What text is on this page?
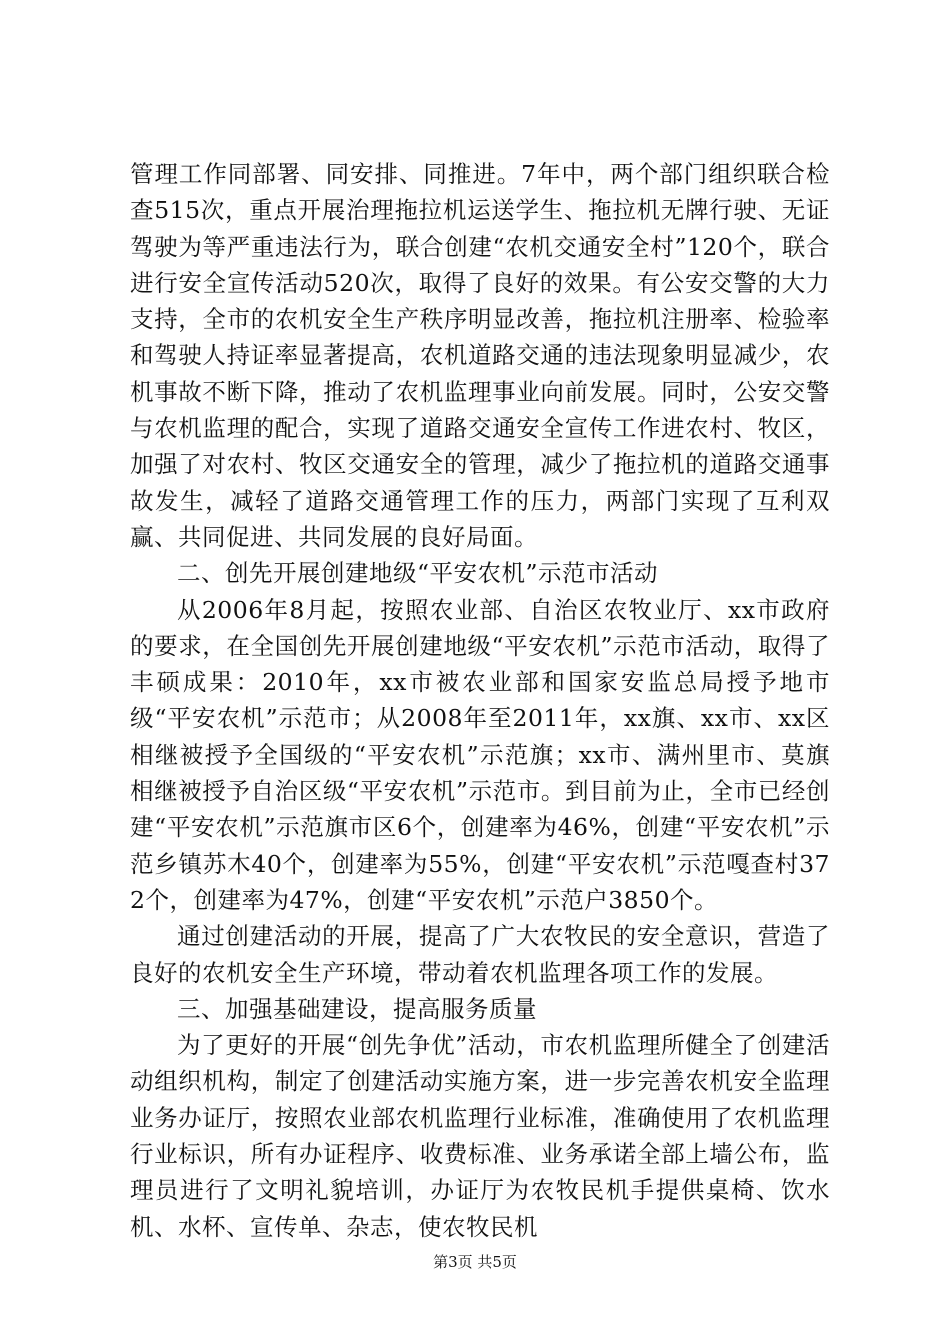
管理工作同部署、同安排、同推进。7年中，两个部门组织联合检查515次，重点开展治理拖拉机运送学生、拖拉机无牌行驶、无证驾驶为等严重违法行为，联合创建“农机交通安全村”120个，联合进行安全宣传活动520次，取得了良好的效果。有公安交警的大力支持，全市的农机安全生产秩序明显改善，拖拉机注册率、检验率和驾驶人持证率显著提高，农机道路交通的违法现象明显减少，农机事故不断下降，推动了农机监理事业向前发展。同时，公安交警与农机监理的配合，实现了道路交通安全宣传工作进农村、牧区，加强了对农村、牧区交通安全的管理，减少了拖拉机的道路交通事故发生，减轻了道路交通管理工作的压力，两部门实现了互利双赢、共同促进、共同发展的良好局面。

二、创先开展创建地级“平安农机”示范市活动

从2006年8月起，按照农业部、自治区农牧业厅、xx市政府的要求，在全国创先开展创建地级“平安农机”示范市活动，取得了丰硕成果：2010年，xx市被农业部和国家安监总局授予地市级“平安农机”示范市；从2008年至2011年，xx旗、xx市、xx区相继被授予全国级的“平安农机”示范旗；xx市、满州里市、莫旗相继被授予自治区级“平安农机”示范市。到目前为止，全市已经创建“平安农机”示范旗市区6个，创建率为46%，创建“平安农机”示范乡镇苏木40个，创建率为55%，创建“平安农机”示范嘎查村372个，创建率为47%，创建“平安农机”示范户3850个。

通过创建活动的开展，提高了广大农牧民的安全意识，营造了良好的农机安全生产环境，带动着农机监理各项工作的发展。

三、加强基础建设，提高服务质量

为了更好的开展“创先争优”活动，市农机监理所健全了创建活动组织机构，制定了创建活动实施方案，进一步完善农机安全监理业务办证厅，按照农业部农机监理行业标准，准确使用了农机监理行业标识，所有办证程序、收费标准、业务承诺全部上墙公布，监理员进行了文明礼貌培训，办证厅为农牧民机手提供桌椅、饮水机、水杯、宣传单、杂志，使农牧民机

第3页 共5页
